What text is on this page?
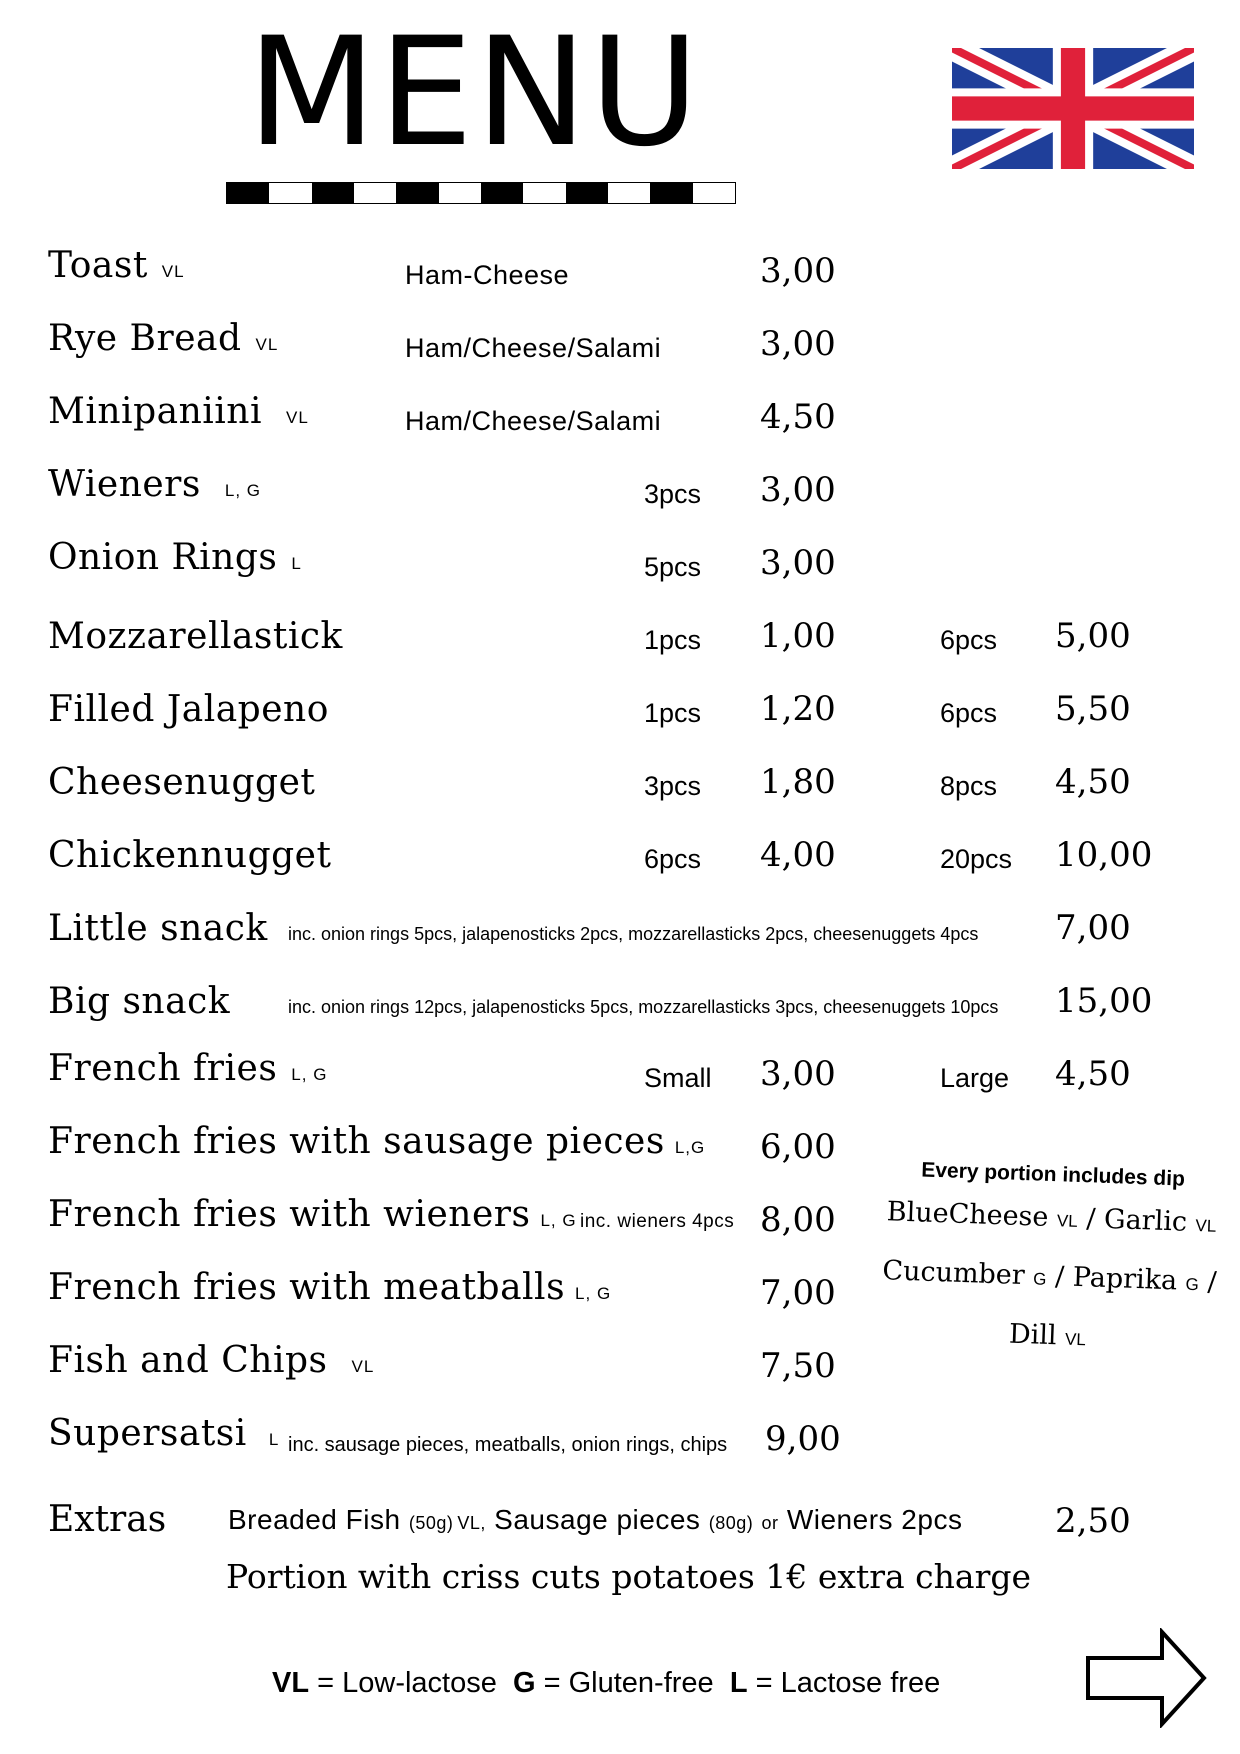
MENU
Toast VL	Ham-Cheese	3,00
Rye Bread VL	Ham/Cheese/Salami	3,00
Minipaniini VL	Ham/Cheese/Salami	4,50
Wieners L, G	3pcs 3,00
Onion Rings L	5pcs 3,00
Mozzarellastick	1pcs 1,00	6pcs 5,00
Filled Jalapeno	1pcs 1,20	6pcs 5,50
Cheesenugget	3pcs 1,80	8pcs 4,50
Chickennugget	6pcs 4,00	20pcs 10,00
Little snack inc. onion rings 5pcs, jalapenosticks 2pcs, mozzarellasticks 2pcs, cheesenuggets 4pcs 7,00
Big snack	inc. onion rings 12pcs, jalapenosticks 5pcs, mozzarellasticks 3pcs, cheesenuggets 10pcs 15,00
French fries L, G	Small 3,00	Large 4,50
French fries with sausage pieces L,G 6,00
French fries with wieners L, G inc. wieners 4pcs 8,00
French fries with meatballs L, G	7,00
Fish and Chips VL	7,50
Supersatsi L inc. sausage pieces, meatballs, onion rings, chips 9,00
Every portion includes dip
BlueCheese VL / Garlic VL
Cucumber G / Paprika G /
Dill VL
Extras Breaded Fish (50g) VL, Sausage pieces (80g) or Wieners 2pcs	2,50
Portion with criss cuts potatoes 1€ extra charge
VL = Low-lactose G = Gluten-free L = Lactose free
